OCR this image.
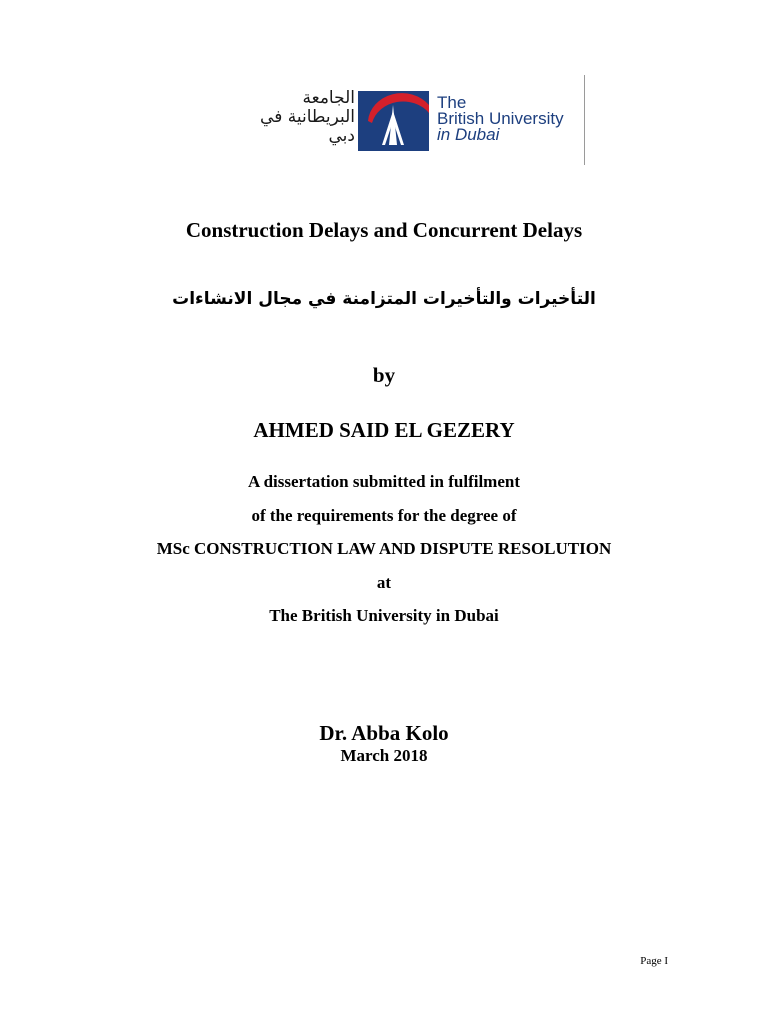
الجامعة
البريطانية في
دبي
The
British University
in Dubai
Construction Delays and Concurrent Delays
التأخيرات والتأخيرات المتزامنة في مجال الانشاءات
by
AHMED SAID EL GEZERY
A dissertation submitted in fulfilment
of the requirements for the degree of
MSc CONSTRUCTION LAW AND DISPUTE RESOLUTION
at
The British University in Dubai
Dr. Abba Kolo
March 2018
Page I
